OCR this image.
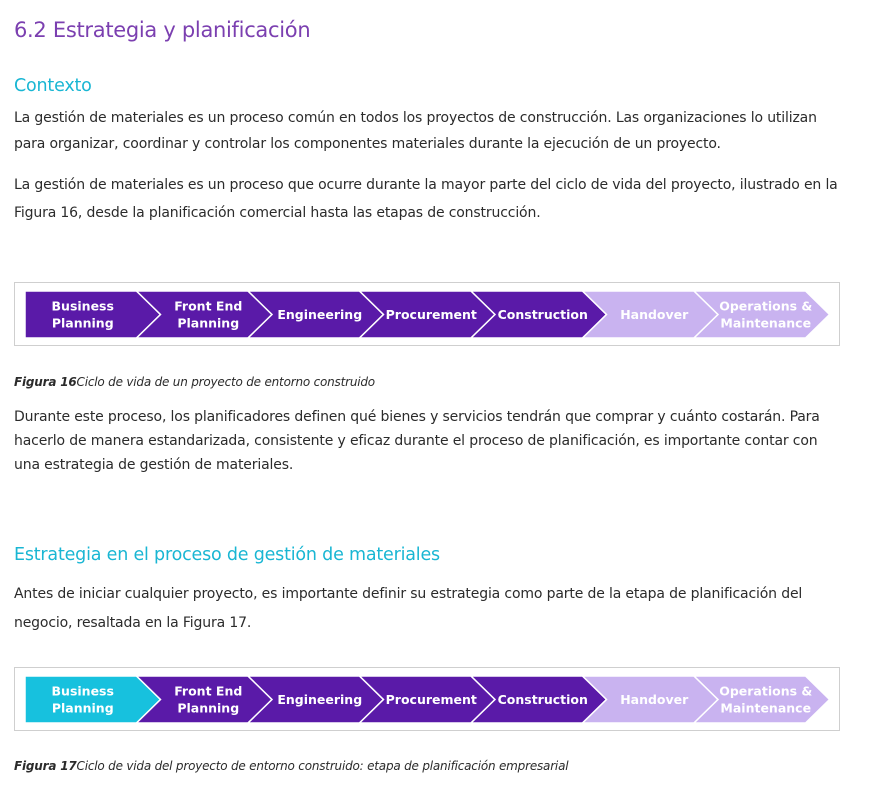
6.2 Estrategia y planificación
Contexto

La gestión de materiales es un proceso común en todos los proyectos de construcción. Las organizaciones lo utilizan

para organizar, coordinar y controlar los componentes materiales durante la ejecución de un proyecto.

La gestión de materiales es un proceso que ocurre durante la mayor parte del ciclo de vida del proyecto, ilustrado en la

Figura 16, desde la planificación comercial hasta las etapas de construcción.

Business
Planning
Front End
Planning
Engineering Procurement Construction	Handover
Operations &
Maintenance

Figura 16Ciclo de vida de un proyecto de entorno construido

Durante este proceso, los planificadores definen qué bienes y servicios tendrán que comprar y cuánto costarán. Para

hacerlo de manera estandarizada, consistente y eficaz durante el proceso de planificación, es importante contar con

una estrategia de gestión de materiales.

Estrategia en el proceso de gestión de materiales

Antes de iniciar cualquier proyecto, es importante definir su estrategia como parte de la etapa de planificación del

negocio, resaltada en la Figura 17.

Business
Planning
Front End
Planning
Engineering Procurement Construction	Handover
Operations &
Maintenance

Figura 17Ciclo de vida del proyecto de entorno construido: etapa de planificación empresarial
